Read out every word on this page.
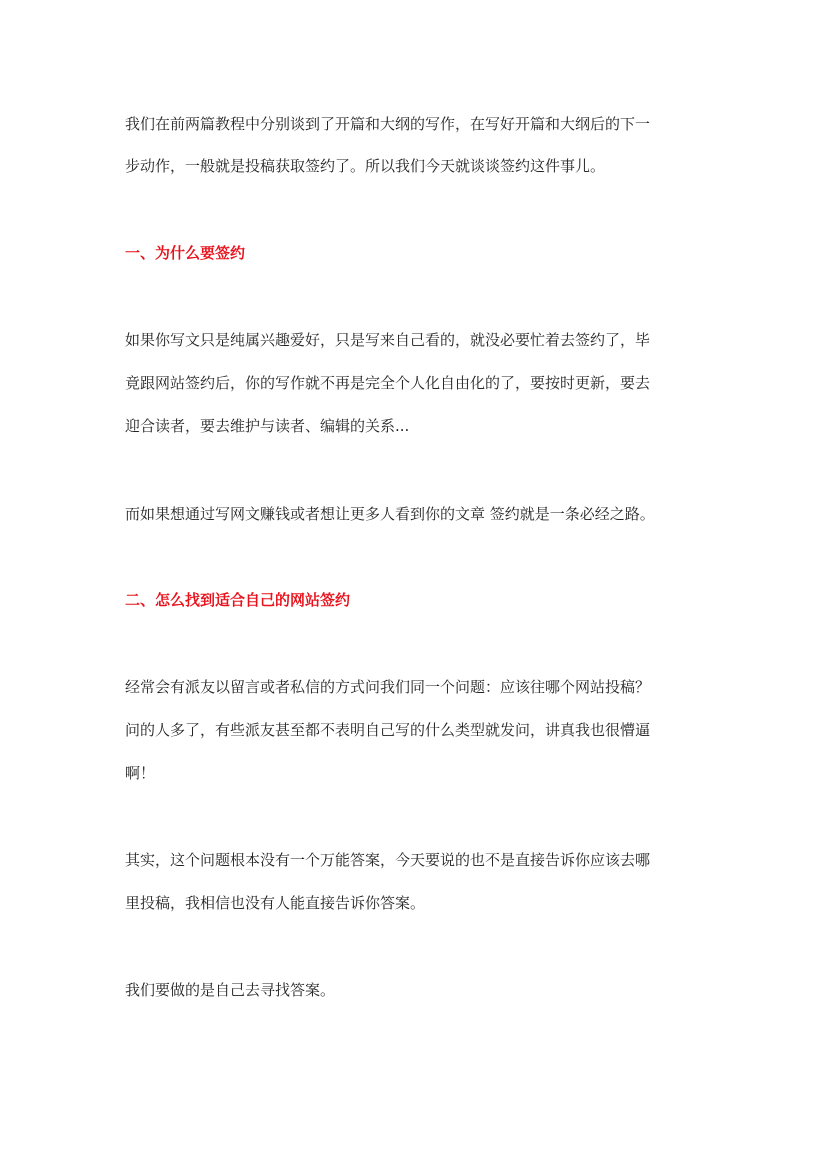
我们在前两篇教程中分别谈到了开篇和大纲的写作，在写好开篇和大纲后的下一

步动作，一般就是投稿获取签约了。所以我们今天就谈谈签约这件事儿。

一、为什么要签约

如果你写文只是纯属兴趣爱好，只是写来自己看的，就没必要忙着去签约了，毕

竟跟网站签约后，你的写作就不再是完全个人化自由化的了，要按时更新，要去

迎合读者，要去维护与读者、编辑的关系...

而如果想通过写网文赚钱或者想让更多人看到你的文章 签约就是一条必经之路。

二、怎么找到适合自己的网站签约

经常会有派友以留言或者私信的方式问我们同一个问题：应该往哪个网站投稿？

问的人多了，有些派友甚至都不表明自己写的什么类型就发问，讲真我也很懵逼

啊！

其实，这个问题根本没有一个万能答案，今天要说的也不是直接告诉你应该去哪

里投稿，我相信也没有人能直接告诉你答案。

我们要做的是自己去寻找答案。
